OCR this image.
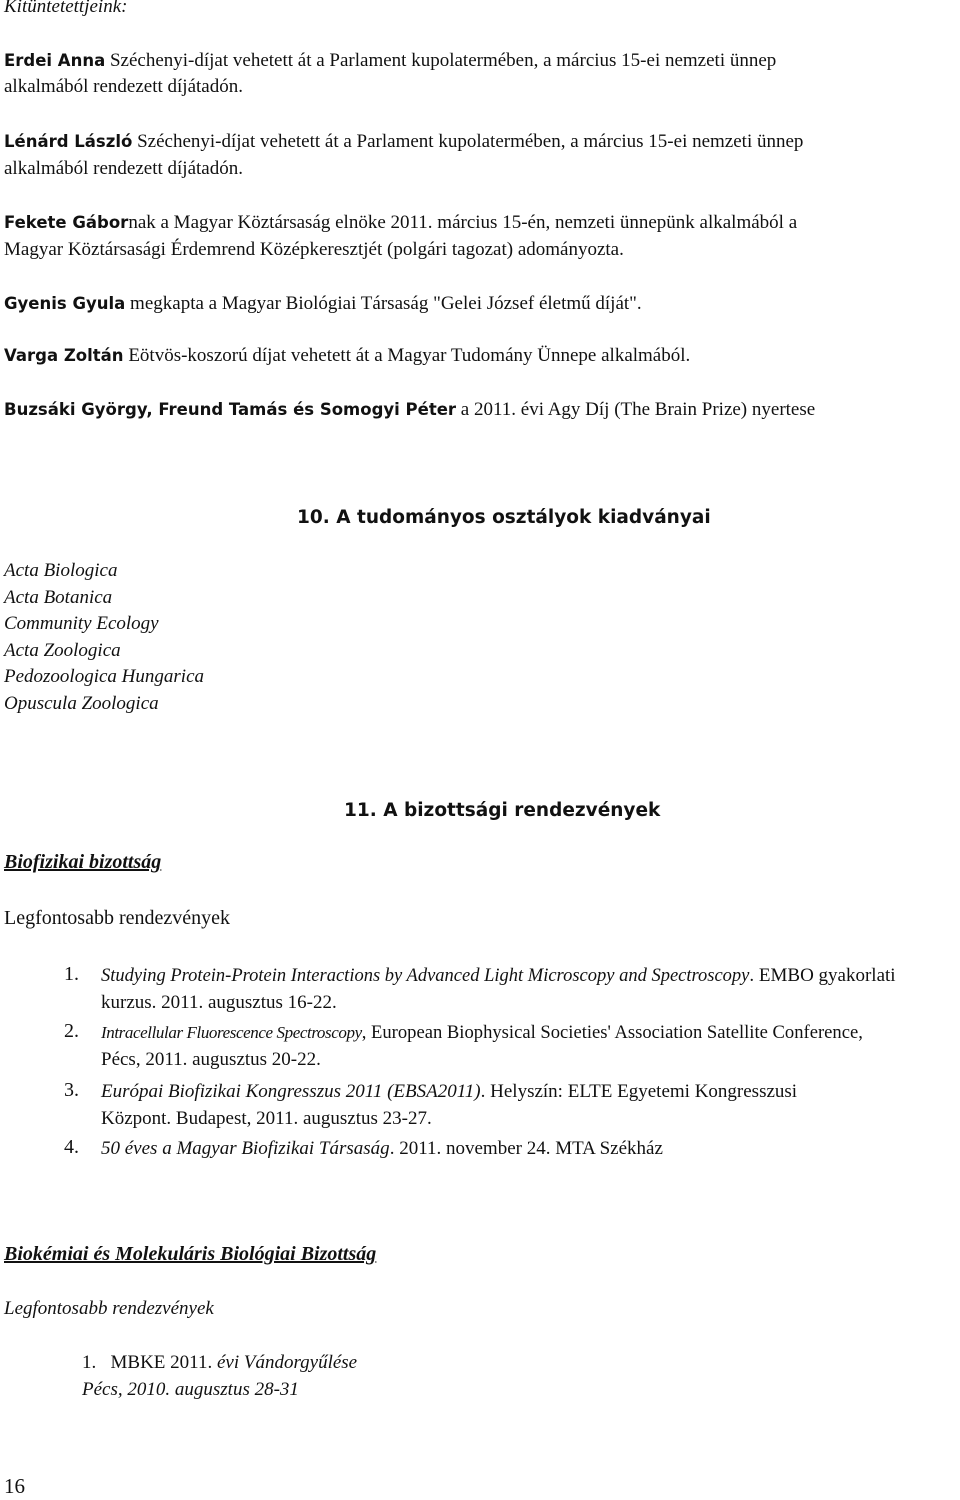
Kitüntetettjeink:
Erdei Anna Széchenyi-díjat vehetett át a Parlament kupolatermében, a március 15-ei nemzeti ünnep
alkalmából rendezett díjátadón.
Lénárd László Széchenyi-díjat vehetett át a Parlament kupolatermében, a március 15-ei nemzeti ünnep
alkalmából rendezett díjátadón.
Fekete Gábornak a Magyar Köztársaság elnöke 2011. március 15-én, nemzeti ünnepünk alkalmából a
Magyar Köztársasági Érdemrend Középkeresztjét (polgári tagozat) adományozta.
Gyenis Gyula megkapta a Magyar Biológiai Társaság "Gelei József életmű díját".
Varga Zoltán Eötvös-koszorú díjat vehetett át a Magyar Tudomány Ünnepe alkalmából.
Buzsáki György, Freund Tamás és Somogyi Péter a 2011. évi Agy Díj (The Brain Prize) nyertese
10. A tudományos osztályok kiadványai
Acta Biologica
Acta Botanica
Community Ecology
Acta Zoologica
Pedozoologica Hungarica
Opuscula Zoologica
11. A bizottsági rendezvények
Biofizikai bizottság
Legfontosabb rendezvények
1. Studying Protein-Protein Interactions by Advanced Light Microscopy and Spectroscopy. EMBO gyakorlati
kurzus. 2011. augusztus 16-22.
2. Intracellular Fluorescence Spectroscopy, European Biophysical Societies' Association Satellite Conference,
Pécs, 2011. augusztus 20-22.
3. Európai Biofizikai Kongresszus 2011 (EBSA2011). Helyszín: ELTE Egyetemi Kongresszusi
Központ. Budapest, 2011. augusztus 23-27.
4. 50 éves a Magyar Biofizikai Társaság. 2011. november 24. MTA Székház
Biokémiai és Molekuláris Biológiai Bizottság
Legfontosabb rendezvények
1. MBKE 2011. évi Vándorgyűlése
Pécs, 2010. augusztus 28-31
16
